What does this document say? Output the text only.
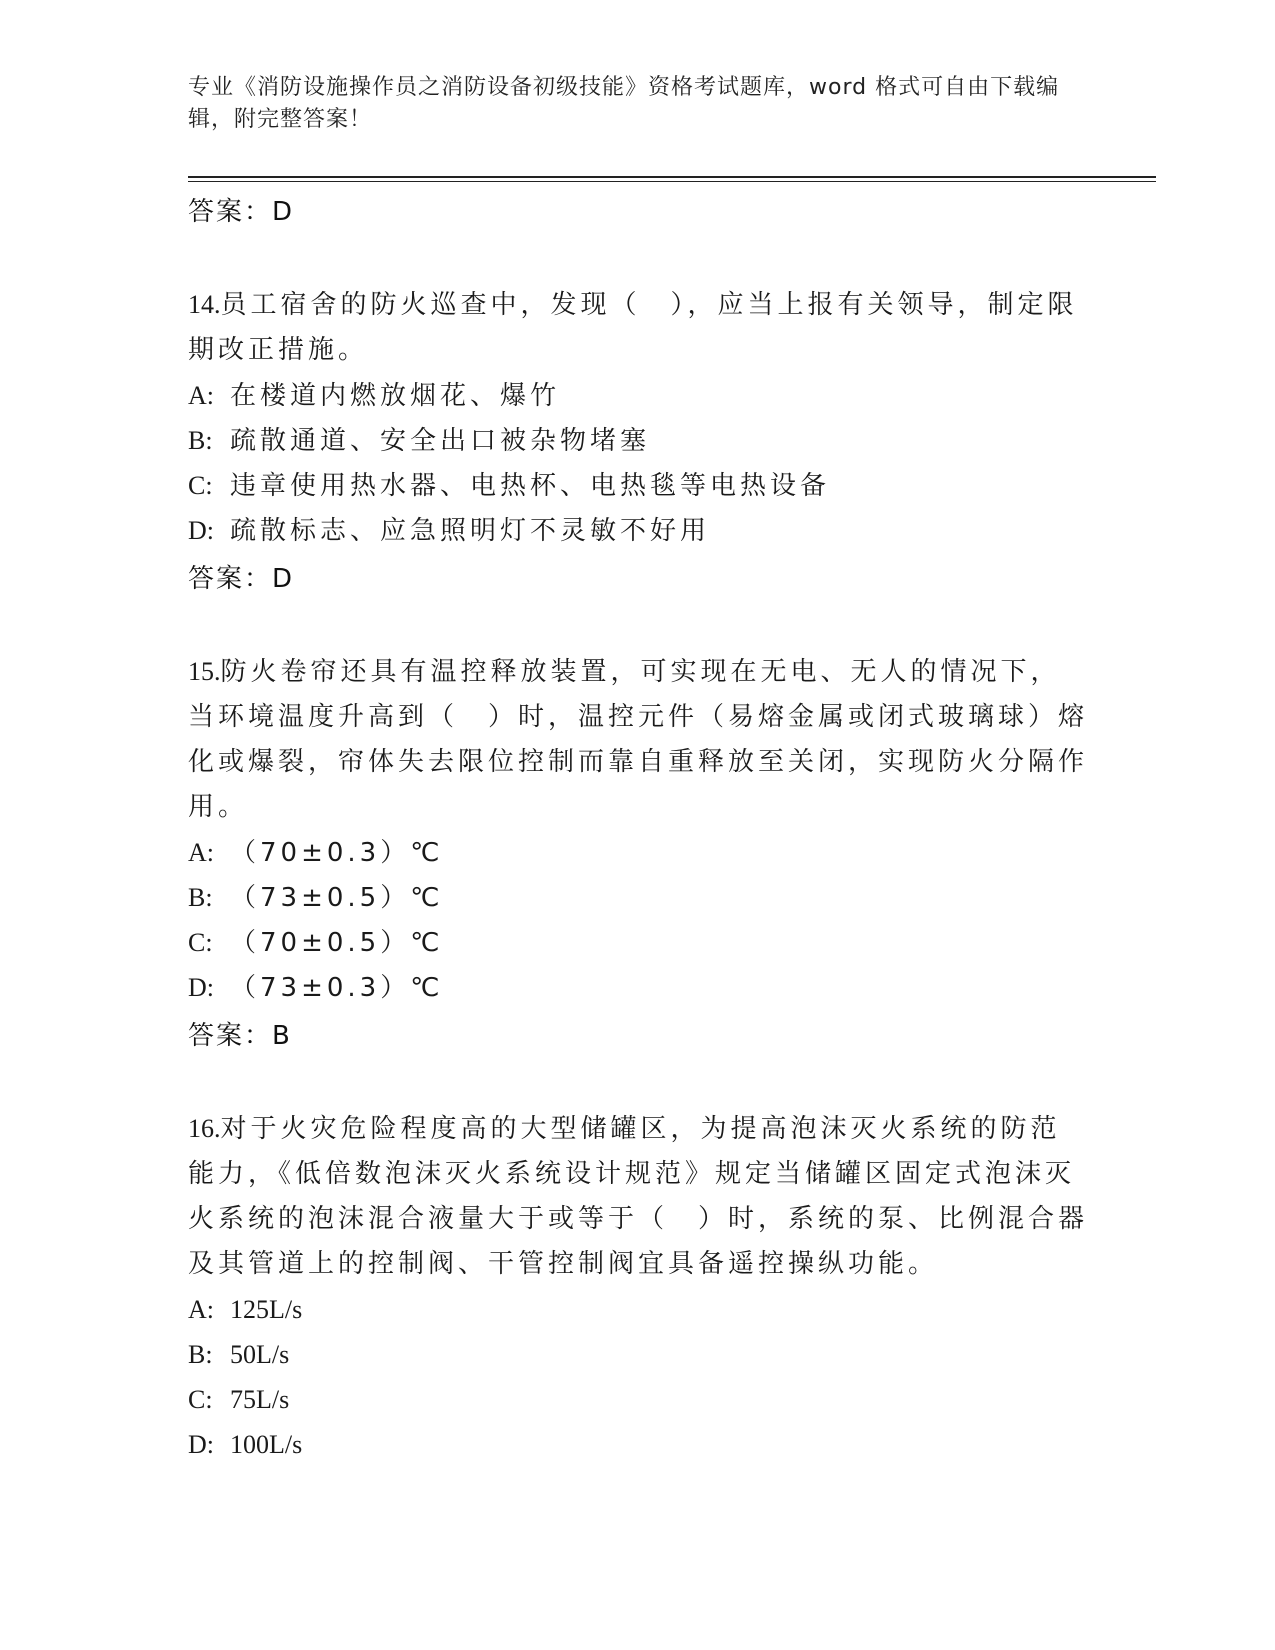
专业《消防设施操作员之消防设备初级技能》资格考试题库，word 格式可自由下载编辑，附完整答案！
答案：D

14.员工宿舍的防火巡查中，发现（　），应当上报有关领导，制定限期改正措施。

A: 在楼道内燃放烟花、爆竹
B: 疏散通道、安全出口被杂物堵塞
C: 违章使用热水器、电热杯、电热毯等电热设备
D: 疏散标志、应急照明灯不灵敏不好用
答案：D

15.防火卷帘还具有温控释放装置，可实现在无电、无人的情况下，当环境温度升高到（　）时，温控元件（易熔金属或闭式玻璃球）熔化或爆裂，帘体失去限位控制而靠自重释放至关闭，实现防火分隔作用。

A: （70±0.3）℃
B: （73±0.5）℃
C: （70±0.5）℃
D: （73±0.3）℃
答案：B

16.对于火灾危险程度高的大型储罐区，为提高泡沫灭火系统的防范能力，《低倍数泡沫灭火系统设计规范》规定当储罐区固定式泡沫灭火系统的泡沫混合液量大于或等于（　）时，系统的泵、比例混合器及其管道上的控制阀、干管控制阀宜具备遥控操纵功能。

A: 125L/s
B: 50L/s
C: 75L/s
D: 100L/s
